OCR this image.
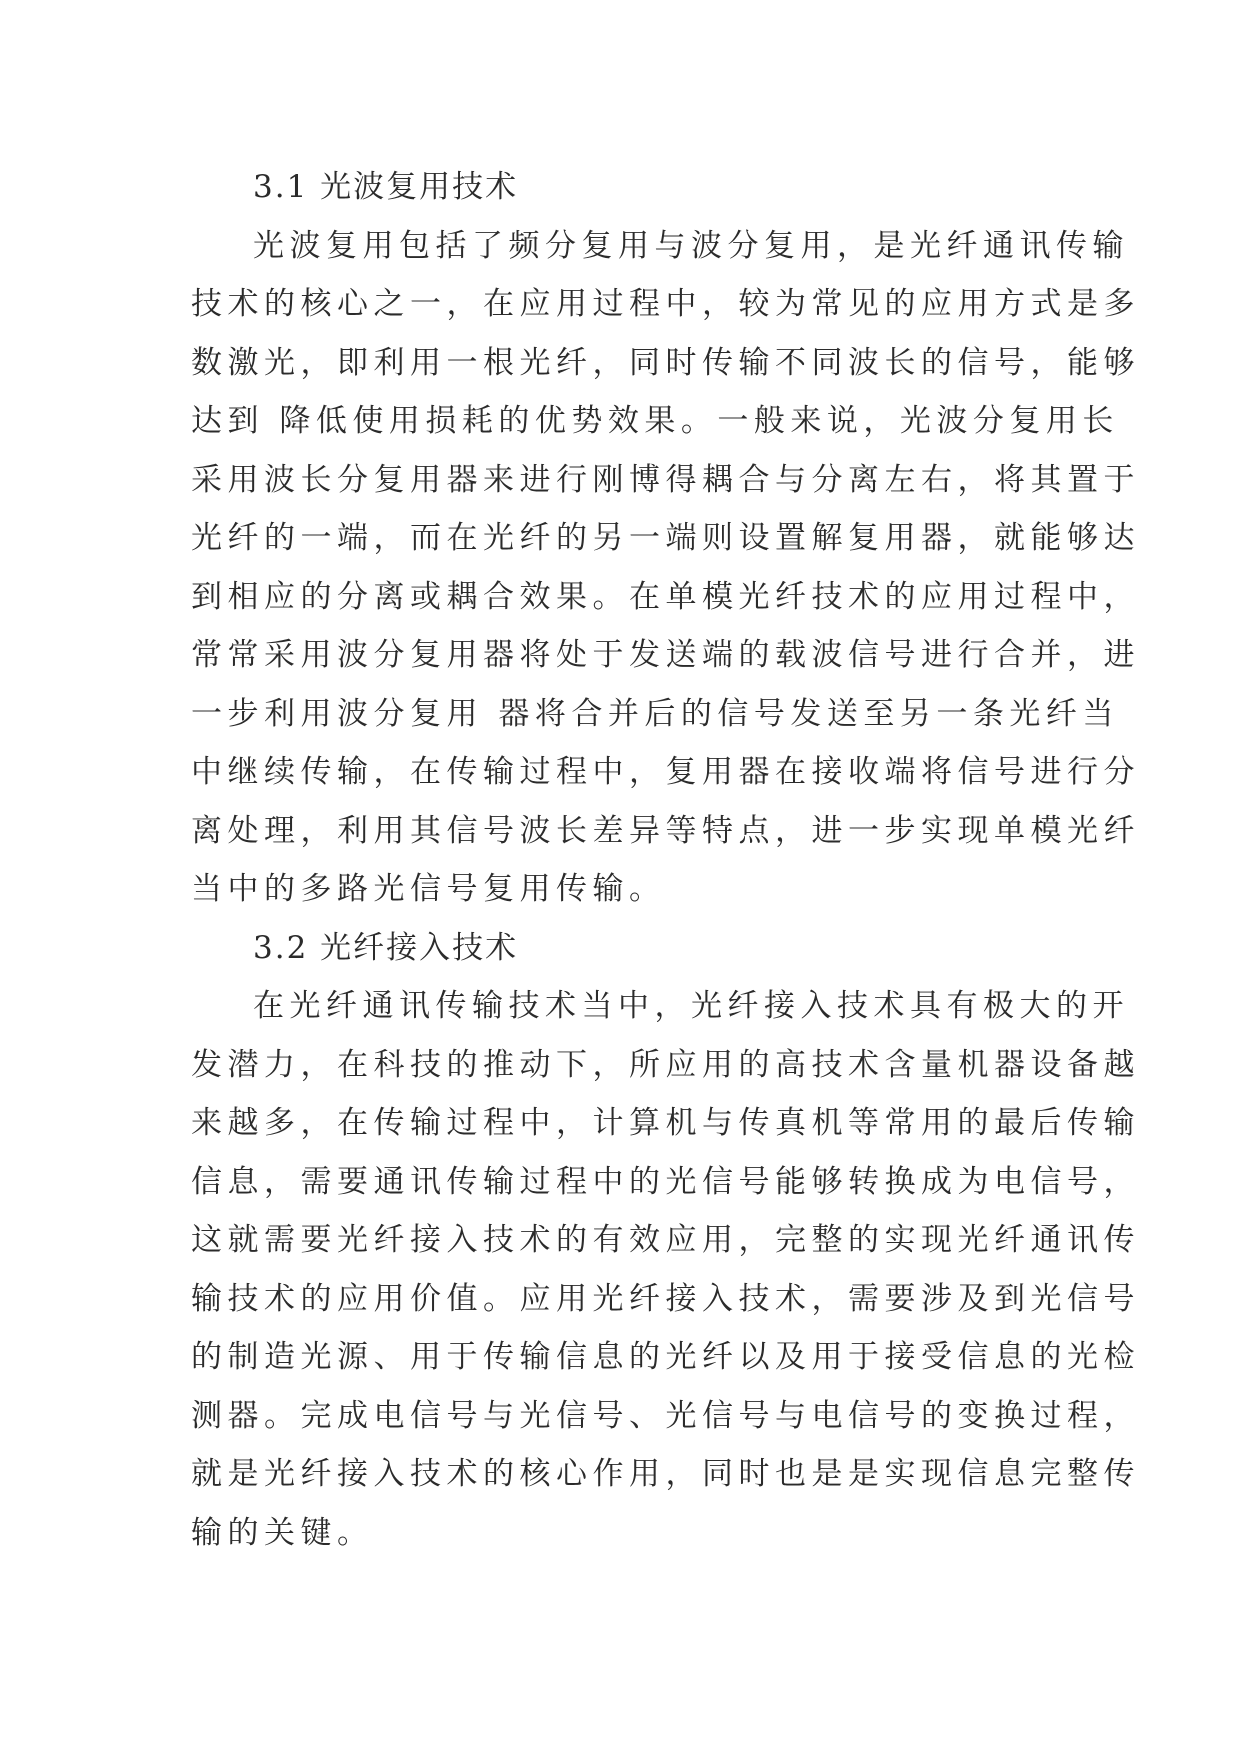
3.1 光波复用技术
光波复用包括了频分复用与波分复用，是光纤通讯传输
技术的核心之一，在应用过程中，较为常见的应用方式是多
数激光，即利用一根光纤，同时传输不同波长的信号，能够
达到 降低使用损耗的优势效果。一般来说，光波分复用长
采用波长分复用器来进行刚博得耦合与分离左右，将其置于
光纤的一端，而在光纤的另一端则设置解复用器，就能够达
到相应的分离或耦合效果。在单模光纤技术的应用过程中，
常常采用波分复用器将处于发送端的载波信号进行合并，进
一步利用波分复用 器将合并后的信号发送至另一条光纤当
中继续传输，在传输过程中，复用器在接收端将信号进行分
离处理，利用其信号波长差异等特点，进一步实现单模光纤
当中的多路光信号复用传输。
3.2 光纤接入技术
在光纤通讯传输技术当中，光纤接入技术具有极大的开
发潜力，在科技的推动下，所应用的高技术含量机器设备越
来越多，在传输过程中，计算机与传真机等常用的最后传输
信息，需要通讯传输过程中的光信号能够转换成为电信号，
这就需要光纤接入技术的有效应用，完整的实现光纤通讯传
输技术的应用价值。应用光纤接入技术，需要涉及到光信号
的制造光源、用于传输信息的光纤以及用于接受信息的光检
测器。完成电信号与光信号、光信号与电信号的变换过程，
就是光纤接入技术的核心作用，同时也是是实现信息完整传
输的关键。
